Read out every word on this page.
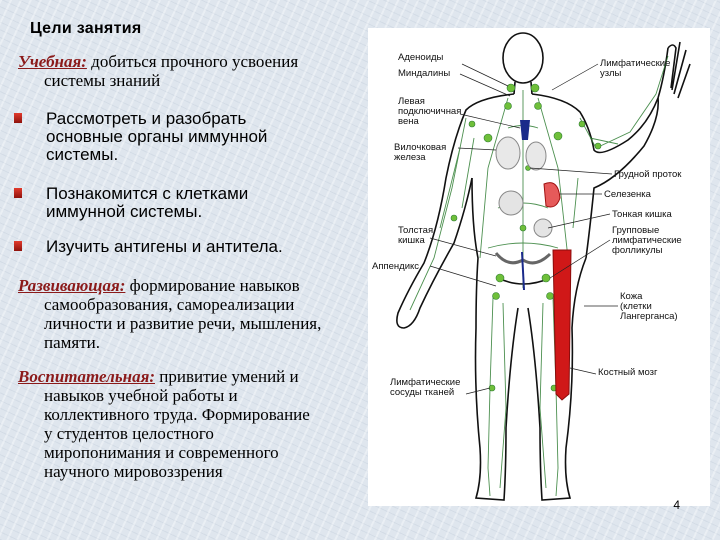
Цели занятия
Учебная: добиться прочного усвоения
системы знаний
Рассмотреть и разобрать основные органы иммунной системы.
Познакомится с клетками иммунной системы.
Изучить антигены и антитела.
Развивающая: формирование навыков
самообразования, самореализации личности и развитие речи, мышления, памяти.
Воспитательная: привитие умений и
навыков учебной работы и коллективного труда. Формирование у студентов целостного миропонимания и современного научного мировоззрения
Аденоиды
Миндалины
Лимфатические
узлы
Левая
подключичная
вена
Вилочковая
железа
Грудной проток
Селезенка
Тонкая кишка
Толстая
кишка
Групповые
лимфатические
фолликулы
Аппендикс
Кожа
(клетки
Лангерганса)
Костный мозг
Лимфатические
сосуды тканей
4
